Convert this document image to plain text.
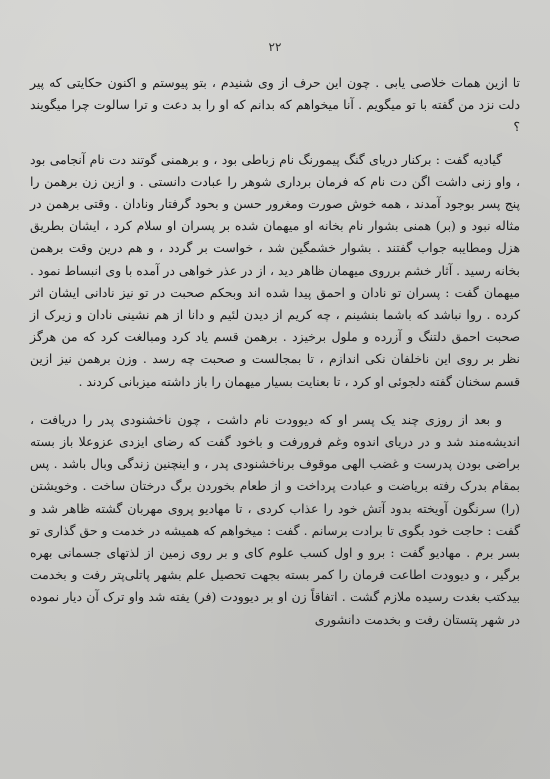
٢٢

تا ازین همات خلاصی یابی . چون این حرف از وی شنیدم ، بتو پیوستم و اکنون حکایتی که پیر دلت نزد من گفته با تو میگویم . آنا میخواهم که بدانم که او را بد دعت و ترا سالوت چرا میگویند ؟

گیادیه گفت : برکنار دریای گنگ پیمورنگ نام زباطی بود ، و برهمنی گوتند دت نام آنجامی بود ، واو زنی داشت اگن دت نام که فرمان برداری شوهر را عبادت دانستی . و ازین زن برهمن را پنج پسر بوجود آمدند ، همه خوش صورت ومغرور حسن و بحود گرفتار ونادان . وقتی برهمن در مثاله نبود و (بر) همنی بشوار نام بخانه او میهمان شده بر پسران او سلام کرد ، ایشان بطریق هزل ومطایبه جواب گفتند . بشوار خشمگین شد ، خواست بر گردد ، و هم درین وقت برهمن بخانه رسید . آثار خشم برروی میهمان ظاهر دید ، از در عذر خواهی در آمده با وی انبساط نمود . میهمان گفت : پسران تو نادان و احمق پیدا شده اند وبحکم صحبت در تو نیز نادانی ایشان اثر کرده . روا نباشد که باشما بنشینم ، چه کریم از دیدن لئیم و دانا از هم نشینی نادان و زیرک از صحبت احمق دلتنگ و آزرده و ملول برخیزد . برهمن قسم یاد کرد ومبالغت کرد که من هرگز نظر بر روی این ناخلفان نکی اندازم ، تا بمجالست و صحبت چه رسد . وزن برهمن نیز ازین قسم سخنان گفته دلجوئی او کرد ، تا بعنایت بسیار میهمان را باز داشته میزبانی کردند .

و بعد از روزی چند یک پسر او که دیوودت نام داشت ، چون ناخشنودی پدر را دریافت ، اندیشه‌مند شد و در دریای اندوه وغم فرورفت و باخود گفت که رضای ایزدی عزوعلا باز بسته براضی بودن پدرست و غضب الهی موقوف برناخشنودی پدر ، و اینچنین زندگی وبال باشد . پس بمقام بدرک رفته بریاضت و عبادت پرداخت و از طعام بخوردن برگ درختان ساخت . وخویشتن (را) سرنگون آویخته بدود آتش خود را عذاب کردی ، تا مهادیو پروی مهربان گشته ظاهر شد و گفت : حاجت خود بگوی تا برادت برسانم . گفت : میخواهم که همیشه در خدمت و حق گذاری تو بسر برم . مهادیو گفت : برو و اول کسب علوم کای و بر روی زمین از لذتهای جسمانی بهره برگیر ، و دیوودت اطاعت فرمان را کمر بسته بجهت تحصیل علم بشهر پاتلی‌پتر رفت و بخدمت بیدکتب بغدت رسیده ملازم گشت . اتفاقاً زن او بر دیوودت (فر) یفته شد واو ترک آن دیار نموده در شهر پتستان رفت و بخدمت دانشوری
